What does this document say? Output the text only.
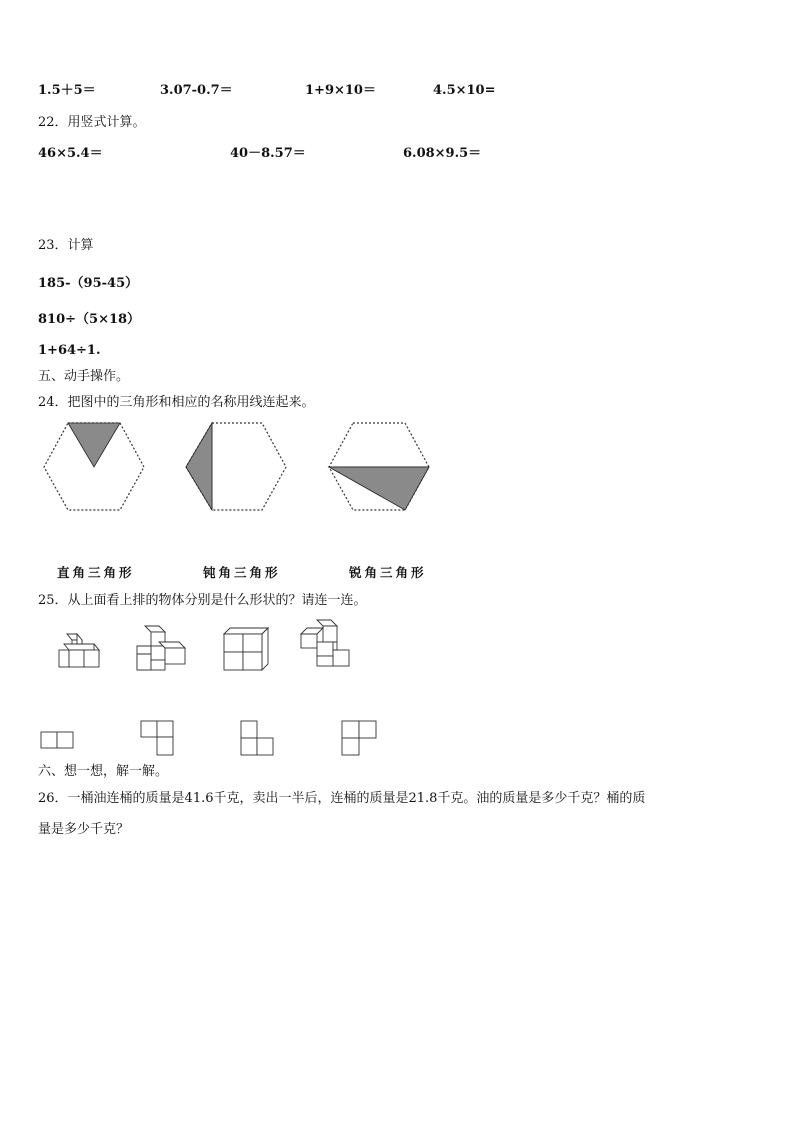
1.5＋5＝	3.07-0.7＝	1+9×10＝	4.5×10=
22．用竖式计算。
46×5.4＝	40－8.57＝	6.08×9.5＝
23．计算
185-（95-45）
810÷（5×18）
1+64÷1.
五、动手操作。
24．把图中的三角形和相应的名称用线连起来。
直角三角形	钝角三角形	锐角三角形
25．从上面看上排的物体分别是什么形状的？请连一连。
六、想一想，解一解。
26．一桶油连桶的质量是41.6千克，卖出一半后，连桶的质量是21.8千克。油的质量是多少千克？桶的质
量是多少千克？
